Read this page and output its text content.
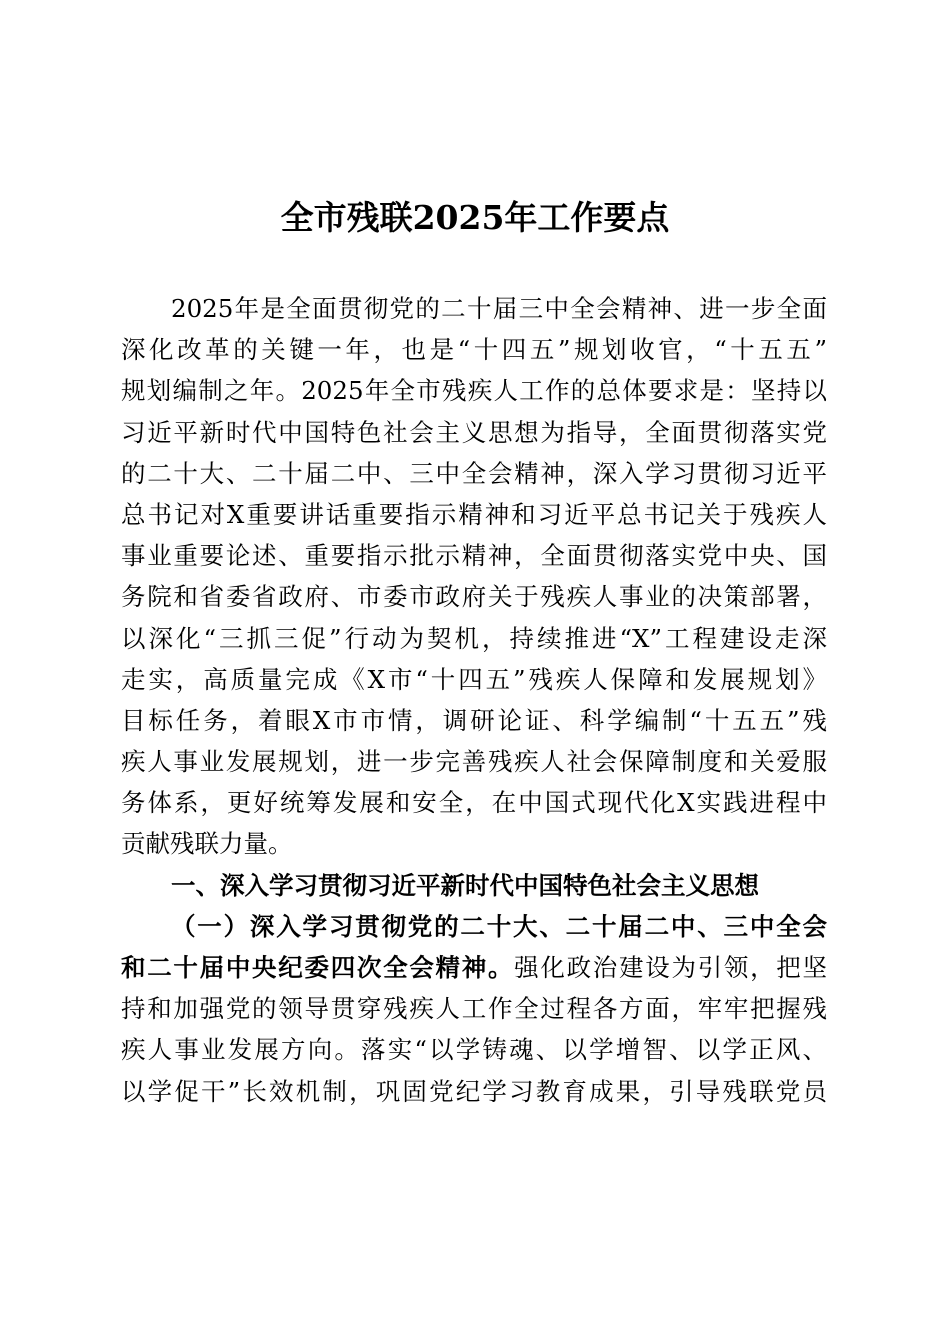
全市残联2025年工作要点
2025年是全面贯彻党的二十届三中全会精神、进一步全面
深化改革的关键一年，也是“十四五”规划收官，“十五五”
规划编制之年。2025年全市残疾人工作的总体要求是：坚持以
习近平新时代中国特色社会主义思想为指导，全面贯彻落实党
的二十大、二十届二中、三中全会精神，深入学习贯彻习近平
总书记对X重要讲话重要指示精神和习近平总书记关于残疾人
事业重要论述、重要指示批示精神，全面贯彻落实党中央、国
务院和省委省政府、市委市政府关于残疾人事业的决策部署，
以深化“三抓三促”行动为契机，持续推进“X”工程建设走深
走实，高质量完成《X市“十四五”残疾人保障和发展规划》
目标任务，着眼X市市情，调研论证、科学编制“十五五”残
疾人事业发展规划，进一步完善残疾人社会保障制度和关爱服
务体系，更好统筹发展和安全，在中国式现代化X实践进程中
贡献残联力量。
一、深入学习贯彻习近平新时代中国特色社会主义思想
（一）深入学习贯彻党的二十大、二十届二中、三中全会
和二十届中央纪委四次全会精神。强化政治建设为引领，把坚
持和加强党的领导贯穿残疾人工作全过程各方面，牢牢把握残
疾人事业发展方向。落实“以学铸魂、以学增智、以学正风、
以学促干”长效机制，巩固党纪学习教育成果，引导残联党员
